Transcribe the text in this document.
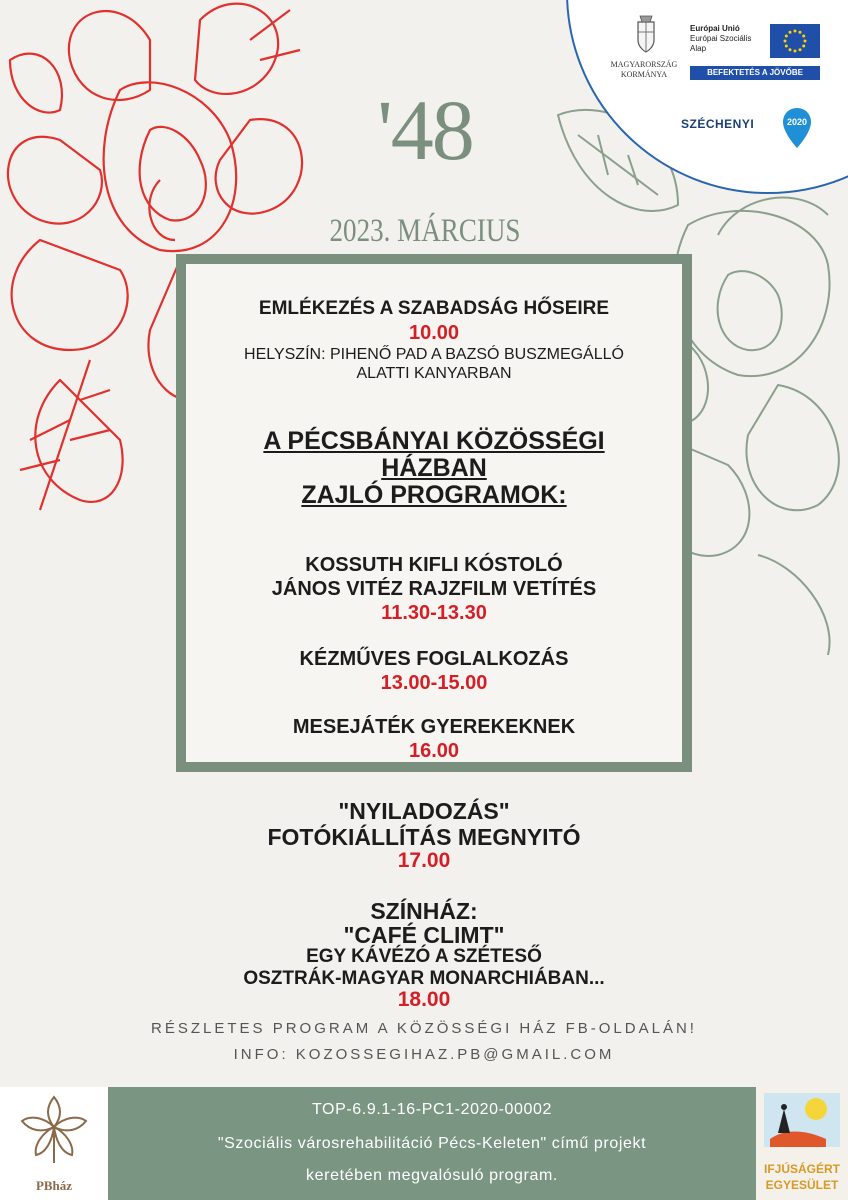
MAGYARORSZÁG
KORMÁNYA
Európai Unió
Európai Szociális
Alap
BEFEKTETÉS A JÖVŐBE
SZÉCHENYI	2020
'48
2023. MÁRCIUS
EMLÉKEZÉS A SZABADSÁG HŐSEIRE
10.00
HELYSZÍN: PIHENŐ PAD A BAZSÓ BUSZMEGÁLLÓ
ALATTI KANYARBAN
A PÉCSBÁNYAI KÖZÖSSÉGI
HÁZBAN
ZAJLÓ PROGRAMOK:
KOSSUTH KIFLI KÓSTOLÓ
JÁNOS VITÉZ RAJZFILM VETÍTÉS
11.30-13.30
KÉZMŰVES FOGLALKOZÁS
13.00-15.00
MESEJÁTÉK GYEREKEKNEK
16.00
"NYILADOZÁS"
FOTÓKIÁLLÍTÁS MEGNYITÓ
17.00
SZÍNHÁZ:
"CAFÉ CLIMT"
EGY KÁVÉZÓ A SZÉTESŐ
OSZTRÁK-MAGYAR MONARCHIÁBAN...
18.00
RÉSZLETES PROGRAM A KÖZÖSSÉGI HÁZ FB-OLDALÁN!
INFO: KOZOSSEGIHAZ.PB@GMAIL.COM
PBház
TOP-6.9.1-16-PC1-2020-00002
"Szociális városrehabilitáció Pécs-Keleten" című projekt
keretében megvalósuló program.	IFJÚSÁGÉRT
EGYESÜLET
